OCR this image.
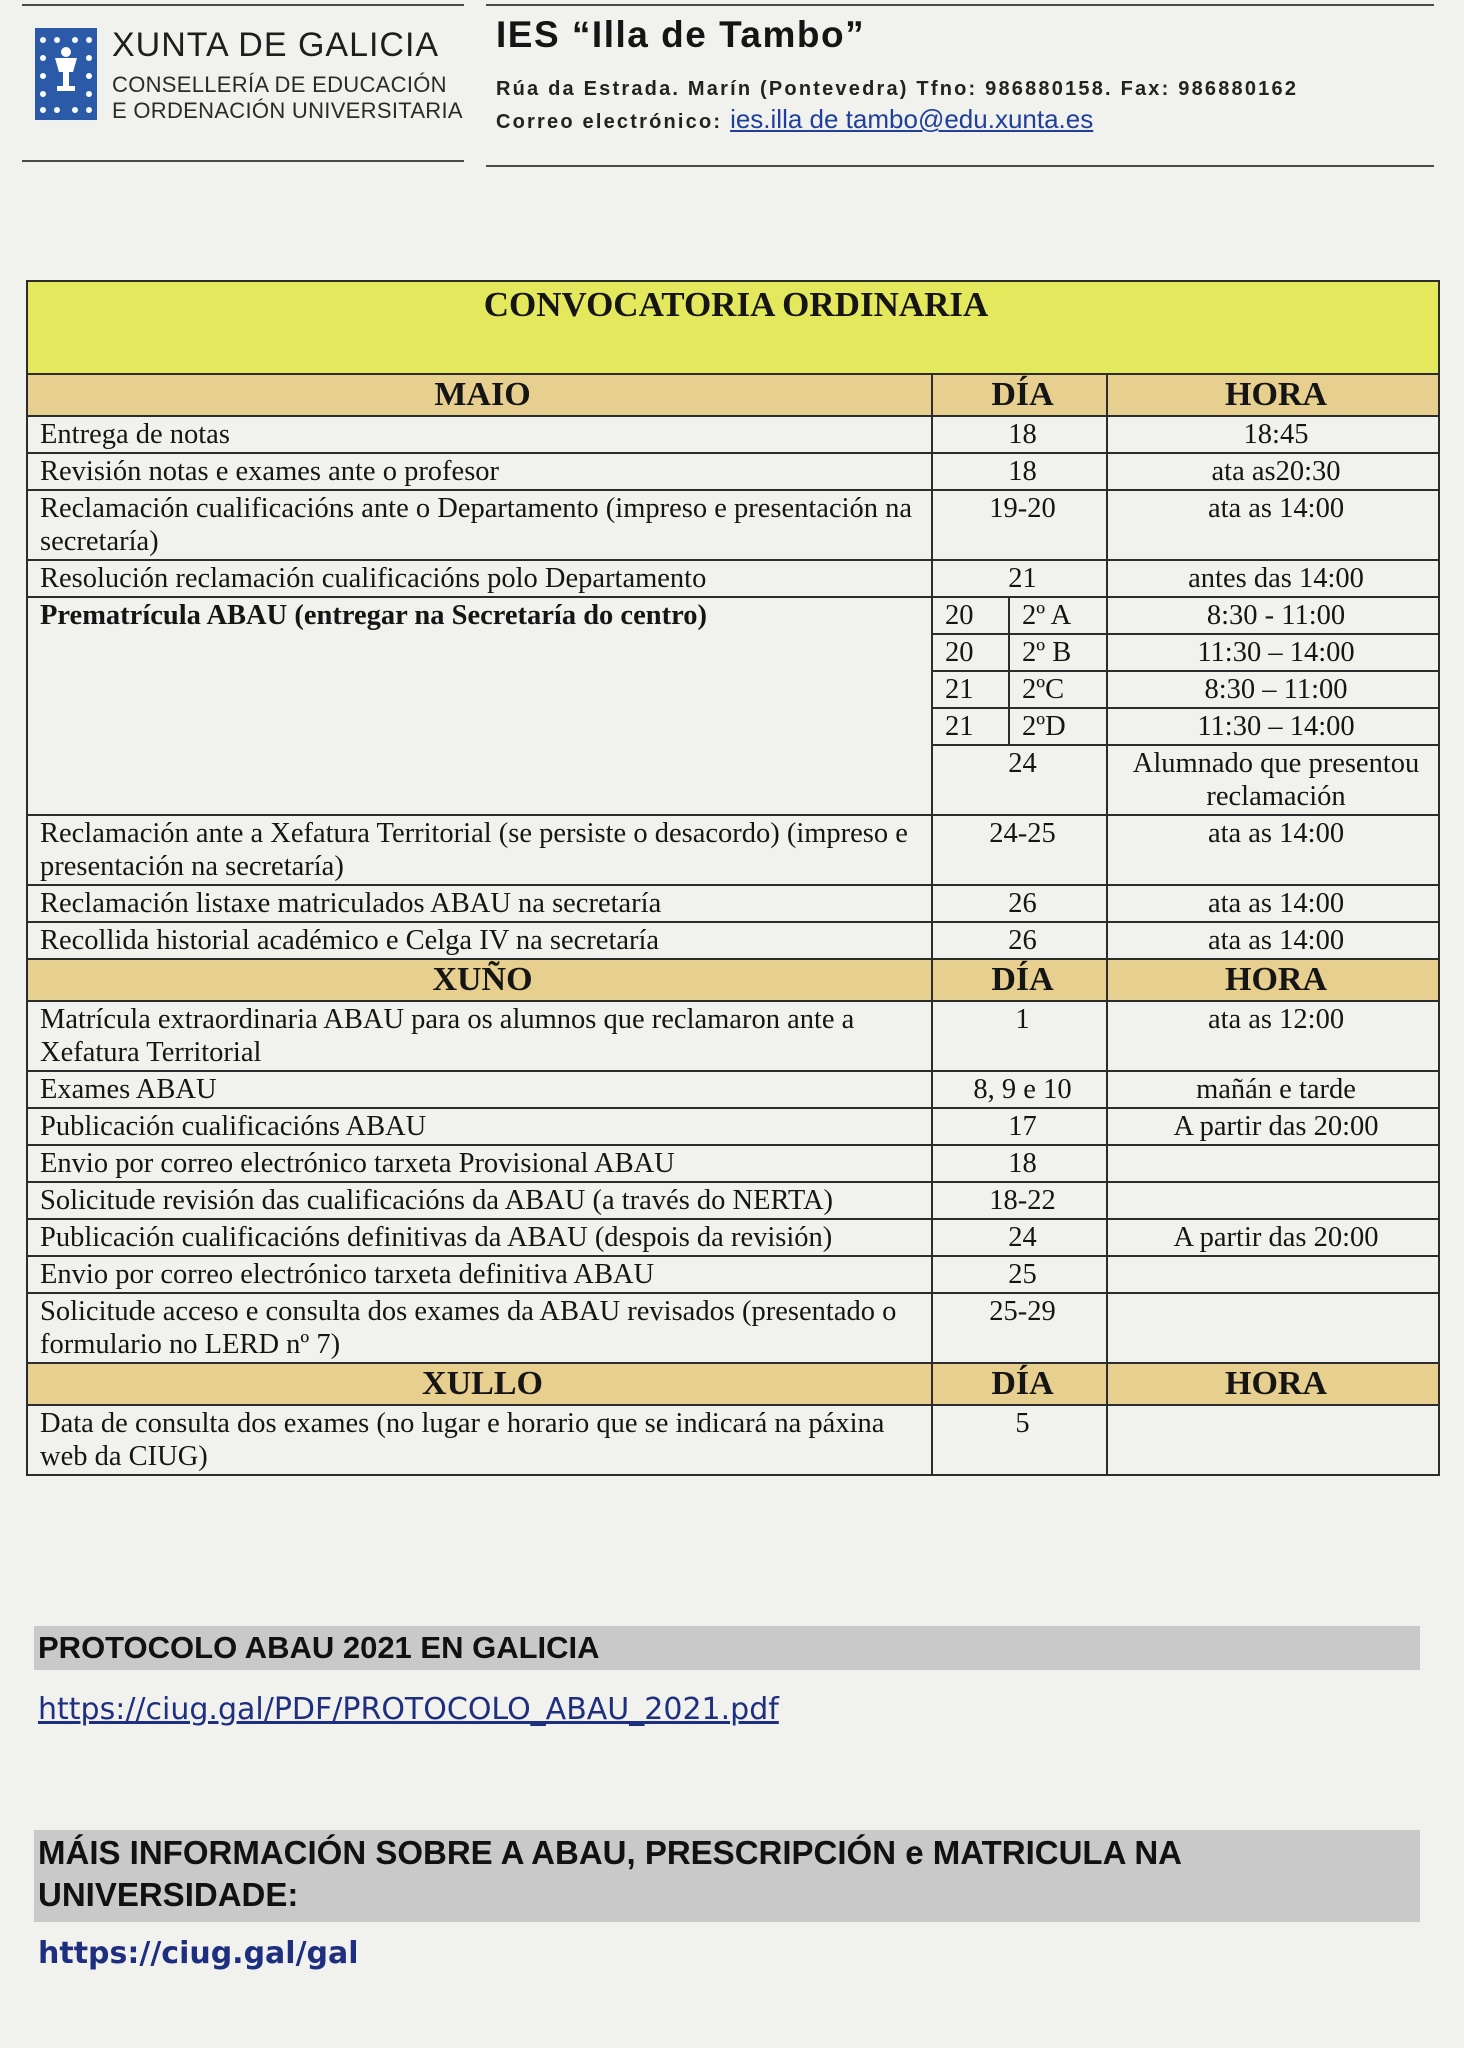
XUNTA DE GALICIA
CONSELLERÍA DE EDUCACIÓN
E ORDENACIÓN UNIVERSITARIA
IES “Illa de Tambo”
Rúa da Estrada. Marín (Pontevedra) Tfno: 986880158. Fax: 986880162
Correo electrónico: ies.illa de tambo@edu.xunta.es
CONVOCATORIA ORDINARIA			
MAIO	DÍA		HORA
Entrega de notas	18		18:45
Revisión notas e exames ante o profesor	18		ata as20:30
Reclamación cualificacións ante o Departamento (impreso e presentación na secretaría)	19-20		ata as 14:00
Resolución reclamación cualificacións polo Departamento	21		antes das 14:00
Prematrícula ABAU (entregar na Secretaría do centro)	20	2º A	8:30 - 11:00
	20	2º B	11:30 – 14:00
	21	2ºC	8:30 – 11:00
	21	2ºD	11:30 – 14:00
	24		Alumnado que presentou reclamación
Reclamación ante a Xefatura Territorial (se persiste o desacordo) (impreso e presentación na secretaría)	24-25		ata as 14:00
Reclamación listaxe matriculados ABAU na secretaría	26		ata as 14:00
Recollida historial académico e Celga IV na secretaría	26		ata as 14:00
XUÑO	DÍA		HORA
Matrícula extraordinaria ABAU para os alumnos que reclamaron ante a Xefatura Territorial	1		ata as 12:00
Exames ABAU	8, 9 e 10		mañán e tarde
Publicación cualificacións ABAU	17		A partir das 20:00
Envio por correo electrónico tarxeta Provisional ABAU	18		
Solicitude revisión das cualificacións da ABAU (a través do NERTA)	18-22		
Publicación cualificacións definitivas da ABAU (despois da revisión)	24		A partir das 20:00
Envio por correo electrónico tarxeta definitiva ABAU	25		
Solicitude acceso e consulta dos exames da ABAU revisados (presentado o formulario no LERD nº 7)	25-29		
XULLO	DÍA		HORA
Data de consulta dos exames (no lugar e horario que se indicará na páxina web da CIUG)	5		
PROTOCOLO ABAU 2021 EN GALICIA
https://ciug.gal/PDF/PROTOCOLO_ABAU_2021.pdf
MÁIS INFORMACIÓN SOBRE A ABAU, PRESCRIPCIÓN e MATRICULA NA
UNIVERSIDADE:
https://ciug.gal/gal
